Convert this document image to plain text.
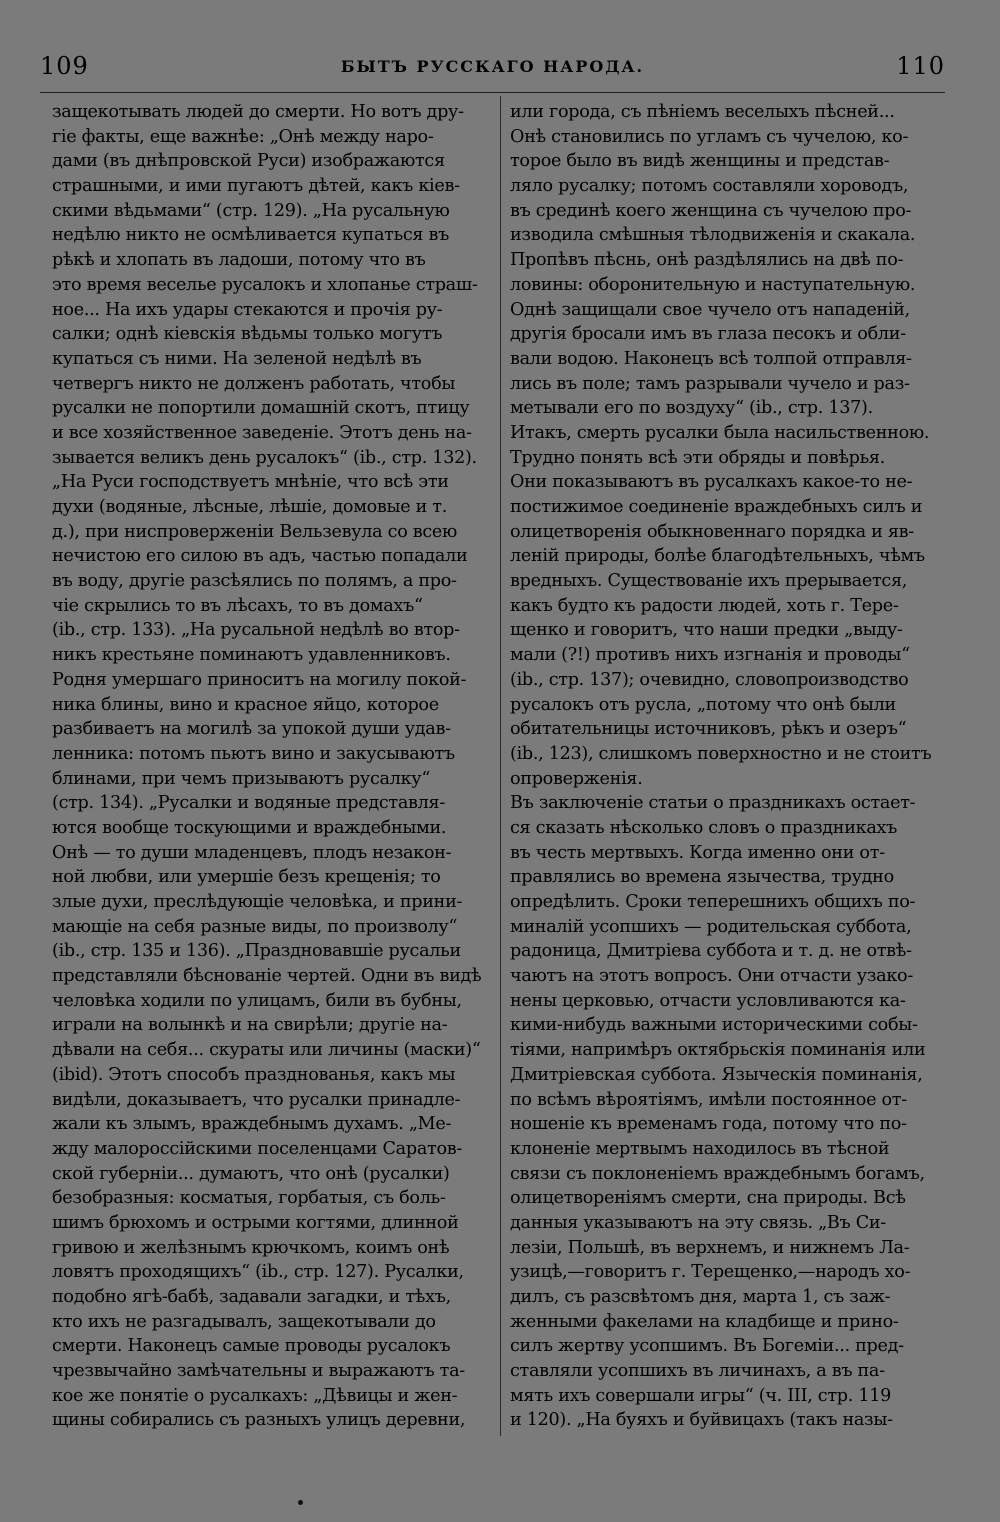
109	БЫТЪ РУССКАГО НАРОДА.	110
защекотывать людей до смерти. Но вотъ дру-
гіе факты, еще важнѣе: „Онѣ между наро-
дами (въ днѣпровской Руси) изображаются
страшными, и ими пугаютъ дѣтей, какъ кіев-
скими вѣдьмами“ (стр. 129). „На русальную
недѣлю никто не осмѣливается купаться въ
рѣкѣ и хлопать въ ладоши, потому что въ
это время веселье русалокъ и хлопанье страш-
ное... На ихъ удары стекаются и прочія ру-
салки; однѣ кіевскія вѣдьмы только могутъ
купаться съ ними. На зеленой недѣлѣ въ
четвергъ никто не долженъ работать, чтобы
русалки не попортили домашній скотъ, птицу
и все хозяйственное заведеніе. Этотъ день на-
зывается великъ день русалокъ“ (ib., стр. 132).
„На Руси господствуетъ мнѣніе, что всѣ эти
духи (водяные, лѣсные, лѣшіе, домовые и т.
д.), при ниспроверженіи Вельзевула со всею
нечистою его силою въ адъ, частью попадали
въ воду, другіе разсѣялись по полямъ, а про-
чіе скрылись то въ лѣсахъ, то въ домахъ“
(ib., стр. 133). „На русальной недѣлѣ во втор-
никъ крестьяне поминаютъ удавленниковъ.
Родня умершаго приноситъ на могилу покой-
ника блины, вино и красное яйцо, которое
разбиваетъ на могилѣ за упокой души удав-
ленника: потомъ пьютъ вино и закусываютъ
блинами, при чемъ призываютъ русалку“
(стр. 134). „Русалки и водяные представля-
ются вообще тоскующими и враждебными.
Онѣ — то души младенцевъ, плодъ незакон-
ной любви, или умершіе безъ крещенія; то
злые духи, преслѣдующіе человѣка, и прини-
мающіе на себя разные виды, по произволу“
(ib., стр. 135 и 136). „Праздновавшіе русальи
представляли бѣснованіе чертей. Одни въ видѣ
человѣка ходили по улицамъ, били въ бубны,
играли на волынкѣ и на свирѣли; другіе на-
дѣвали на себя... скураты или личины (маски)“
(ibid). Этотъ способъ празднованья, какъ мы
видѣли, доказываетъ, что русалки принадле-
жали къ злымъ, враждебнымъ духамъ. „Ме-
жду малороссійскими поселенцами Саратов-
ской губерніи... думаютъ, что онѣ (русалки)
безобразныя: косматыя, горбатыя, съ боль-
шимъ брюхомъ и острыми когтями, длинной
гривою и желѣзнымъ крючкомъ, коимъ онѣ
ловятъ проходящихъ“ (ib., стр. 127). Русалки,
подобно ягѣ-бабѣ, задавали загадки, и тѣхъ,
кто ихъ не разгадывалъ, защекотывали до
смерти. Наконецъ самые проводы русалокъ
чрезвычайно замѣчательны и выражаютъ та-
кое же понятіе о русалкахъ: „Дѣвицы и жен-
щины собирались съ разныхъ улицъ деревни,
или города, съ пѣніемъ веселыхъ пѣсней...
Онѣ становились по угламъ съ чучелою, ко-
торое было въ видѣ женщины и представ-
ляло русалку; потомъ составляли хороводъ,
въ срединѣ коего женщина съ чучелою про-
изводила смѣшныя тѣлодвиженія и скакала.
Пропѣвъ пѣснь, онѣ раздѣлялись на двѣ по-
ловины: оборонительную и наступательную.
Однѣ защищали свое чучело отъ нападеній,
другія бросали имъ въ глаза песокъ и обли-
вали водою. Наконецъ всѣ толпой отправля-
лись въ поле; тамъ разрывали чучело и раз-
метывали его по воздуху“ (ib., стр. 137).
Итакъ, смерть русалки была насильственною.
Трудно понять всѣ эти обряды и повѣрья.
Они показываютъ въ русалкахъ какое-то не-
постижимое соединеніе враждебныхъ силъ и
олицетворенія обыкновеннаго порядка и яв-
леній природы, болѣе благодѣтельныхъ, чѣмъ
вредныхъ. Существованіе ихъ прерывается,
какъ будто къ радости людей, хоть г. Тере-
щенко и говоритъ, что наши предки „выду-
мали (?!) противъ нихъ изгнанія и проводы“
(ib., стр. 137); очевидно, словопроизводство
русалокъ отъ русла, „потому что онѣ были
обитательницы источниковъ, рѣкъ и озеръ“
(ib., 123), слишкомъ поверхностно и не стоитъ
опроверженія.
Въ заключеніе статьи о праздникахъ остает-
ся сказать нѣсколько словъ о праздникахъ
въ честь мертвыхъ. Когда именно они от-
правлялись во времена язычества, трудно
опредѣлить. Сроки теперешнихъ общихъ по-
миналій усопшихъ — родительская суббота,
радоница, Дмитріева суббота и т. д. не отвѣ-
чаютъ на этотъ вопросъ. Они отчасти узако-
нены церковью, отчасти условливаются ка-
кими-нибудь важными историческими собы-
тіями, напримѣръ октябрьскія поминанія или
Дмитріевская суббота. Языческія поминанія,
по всѣмъ вѣроятіямъ, имѣли постоянное от-
ношеніе къ временамъ года, потому что по-
клоненіе мертвымъ находилось въ тѣсной
связи съ поклоненіемъ враждебнымъ богамъ,
олицетвореніямъ смерти, сна природы. Всѣ
данныя указываютъ на эту связь. „Въ Си-
лезіи, Польшѣ, въ верхнемъ, и нижнемъ Ла-
узицѣ,—говоритъ г. Терещенко,—народъ хо-
дилъ, съ разсвѣтомъ дня, марта 1, съ заж-
женными факелами на кладбище и прино-
силъ жертву усопшимъ. Въ Богеміи... пред-
ставляли усопшихъ въ личинахъ, а въ па-
мять ихъ совершали игры“ (ч. III, стр. 119
и 120). „На буяхъ и буйвицахъ (такъ назы-
